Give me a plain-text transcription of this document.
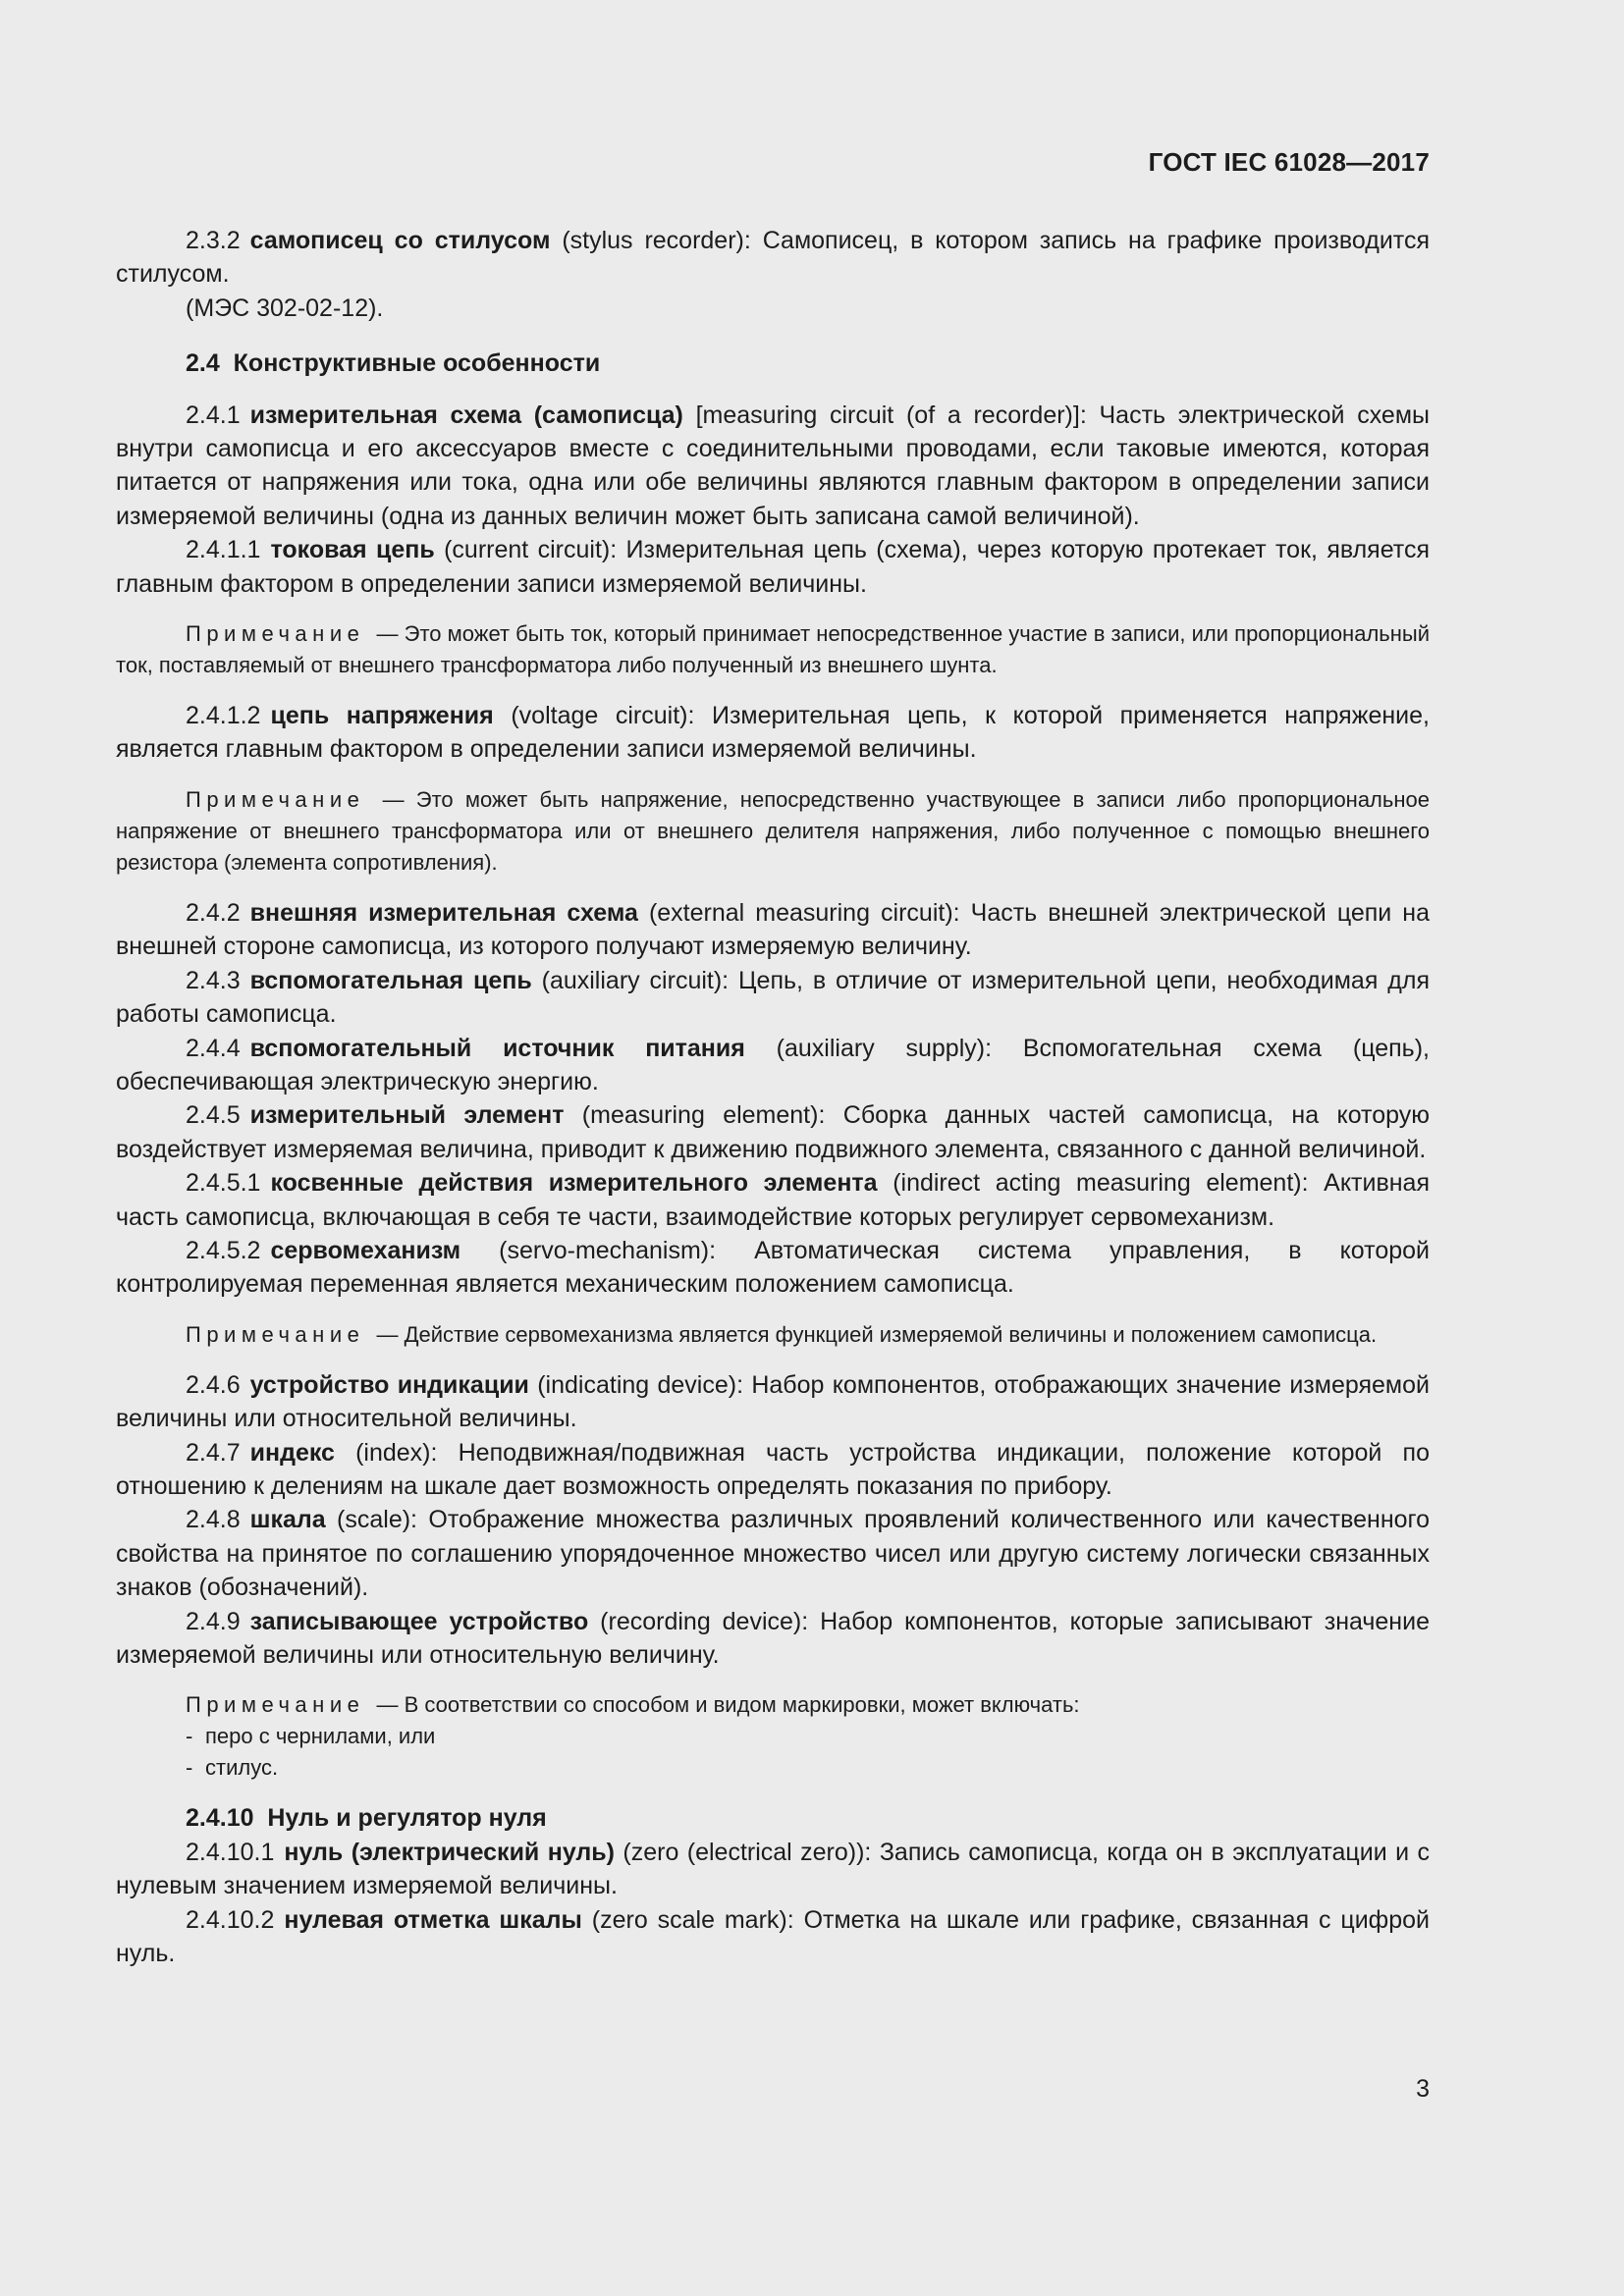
ГОСТ IEC 61028—2017

2.3.2 самописец со стилусом (stylus recorder): Самописец, в котором запись на графике производится стилусом.

(МЭС 302-02-12).

2.4 Конструктивные особенности

2.4.1 измерительная схема (самописца) [measuring circuit (of a recorder)]: Часть электрической схемы внутри самописца и его аксессуаров вместе с соединительными проводами, если таковые имеются, которая питается от напряжения или тока, одна или обе величины являются главным фактором в определении записи измеряемой величины (одна из данных величин может быть записана самой величиной).

2.4.1.1 токовая цепь (current circuit): Измерительная цепь (схема), через которую протекает ток, является главным фактором в определении записи измеряемой величины.

Примечание — Это может быть ток, который принимает непосредственное участие в записи, или пропорциональный ток, поставляемый от внешнего трансформатора либо полученный из внешнего шунта.

2.4.1.2 цепь напряжения (voltage circuit): Измерительная цепь, к которой применяется напряжение, является главным фактором в определении записи измеряемой величины.

Примечание — Это может быть напряжение, непосредственно участвующее в записи либо пропорциональное напряжение от внешнего трансформатора или от внешнего делителя напряжения, либо полученное с помощью внешнего резистора (элемента сопротивления).

2.4.2 внешняя измерительная схема (external measuring circuit): Часть внешней электрической цепи на внешней стороне самописца, из которого получают измеряемую величину.

2.4.3 вспомогательная цепь (auxiliary circuit): Цепь, в отличие от измерительной цепи, необходимая для работы самописца.

2.4.4 вспомогательный источник питания (auxiliary supply): Вспомогательная схема (цепь), обеспечивающая электрическую энергию.

2.4.5 измерительный элемент (measuring element): Сборка данных частей самописца, на которую воздействует измеряемая величина, приводит к движению подвижного элемента, связанного с данной величиной.

2.4.5.1 косвенные действия измерительного элемента (indirect acting measuring element): Активная часть самописца, включающая в себя те части, взаимодействие которых регулирует сервомеханизм.

2.4.5.2 сервомеханизм (servo-mechanism): Автоматическая система управления, в которой контролируемая переменная является механическим положением самописца.

Примечание — Действие сервомеханизма является функцией измеряемой величины и положением самописца.

2.4.6 устройство индикации (indicating device): Набор компонентов, отображающих значение измеряемой величины или относительной величины.

2.4.7 индекс (index): Неподвижная/подвижная часть устройства индикации, положение которой по отношению к делениям на шкале дает возможность определять показания по прибору.

2.4.8 шкала (scale): Отображение множества различных проявлений количественного или качественного свойства на принятое по соглашению упорядоченное множество чисел или другую систему логически связанных знаков (обозначений).

2.4.9 записывающее устройство (recording device): Набор компонентов, которые записывают значение измеряемой величины или относительную величину.

Примечание — В соответствии со способом и видом маркировки, может включать:

- перо с чернилами, или
- стилус.

2.4.10 Нуль и регулятор нуля

2.4.10.1 нуль (электрический нуль) (zero (electrical zero)): Запись самописца, когда он в эксплуатации и с нулевым значением измеряемой величины.

2.4.10.2 нулевая отметка шкалы (zero scale mark): Отметка на шкале или графике, связанная с цифрой нуль.

3
